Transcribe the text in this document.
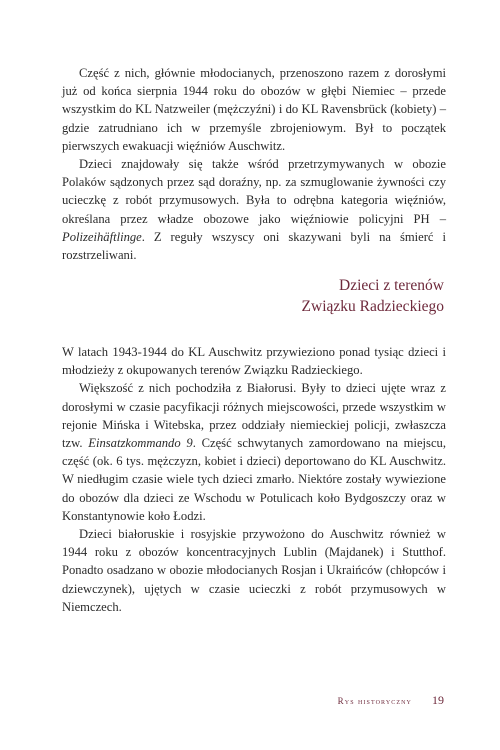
Część z nich, głównie młodocianych, przenoszono razem z dorosłymi już od końca sierpnia 1944 roku do obozów w głębi Niemiec – przede wszystkim do KL Natzweiler (mężczyźni) i do KL Ravensbrück (kobiety) – gdzie zatrudniano ich w przemyśle zbrojeniowym. Był to początek pierwszych ewakuacji więźniów Auschwitz.

Dzieci znajdowały się także wśród przetrzymywanych w obozie Polaków sądzonych przez sąd doraźny, np. za szmuglowanie żywności czy ucieczkę z robót przymusowych. Była to odrębna kategoria więźniów, określana przez władze obozowe jako więźniowie policyjni PH – Polizeihäftlinge. Z reguły wszyscy oni skazywani byli na śmierć i rozstrzeliwani.

Dzieci z terenów
Związku Radzieckiego

W latach 1943-1944 do KL Auschwitz przywieziono ponad tysiąc dzieci i młodzieży z okupowanych terenów Związku Radzieckiego.

Większość z nich pochodziła z Białorusi. Były to dzieci ujęte wraz z dorosłymi w czasie pacyfikacji różnych miejscowości, przede wszystkim w rejonie Mińska i Witebska, przez oddziały niemieckiej policji, zwłaszcza tzw. Einsatzkommando 9. Część schwytanych zamordowano na miejscu, część (ok. 6 tys. mężczyzn, kobiet i dzieci) deportowano do KL Auschwitz. W niedługim czasie wiele tych dzieci zmarło. Niektóre zostały wywiezione do obozów dla dzieci ze Wschodu w Potulicach koło Bydgoszczy oraz w Konstantynowie koło Łodzi.

Dzieci białoruskie i rosyjskie przywożono do Auschwitz również w 1944 roku z obozów koncentracyjnych Lublin (Majdanek) i Stutthof. Ponadto osadzano w obozie młodocianych Rosjan i Ukraińców (chłopców i dziewczynek), ujętych w czasie ucieczki z robót przymusowych w Niemczech.

Rys historyczny 19
